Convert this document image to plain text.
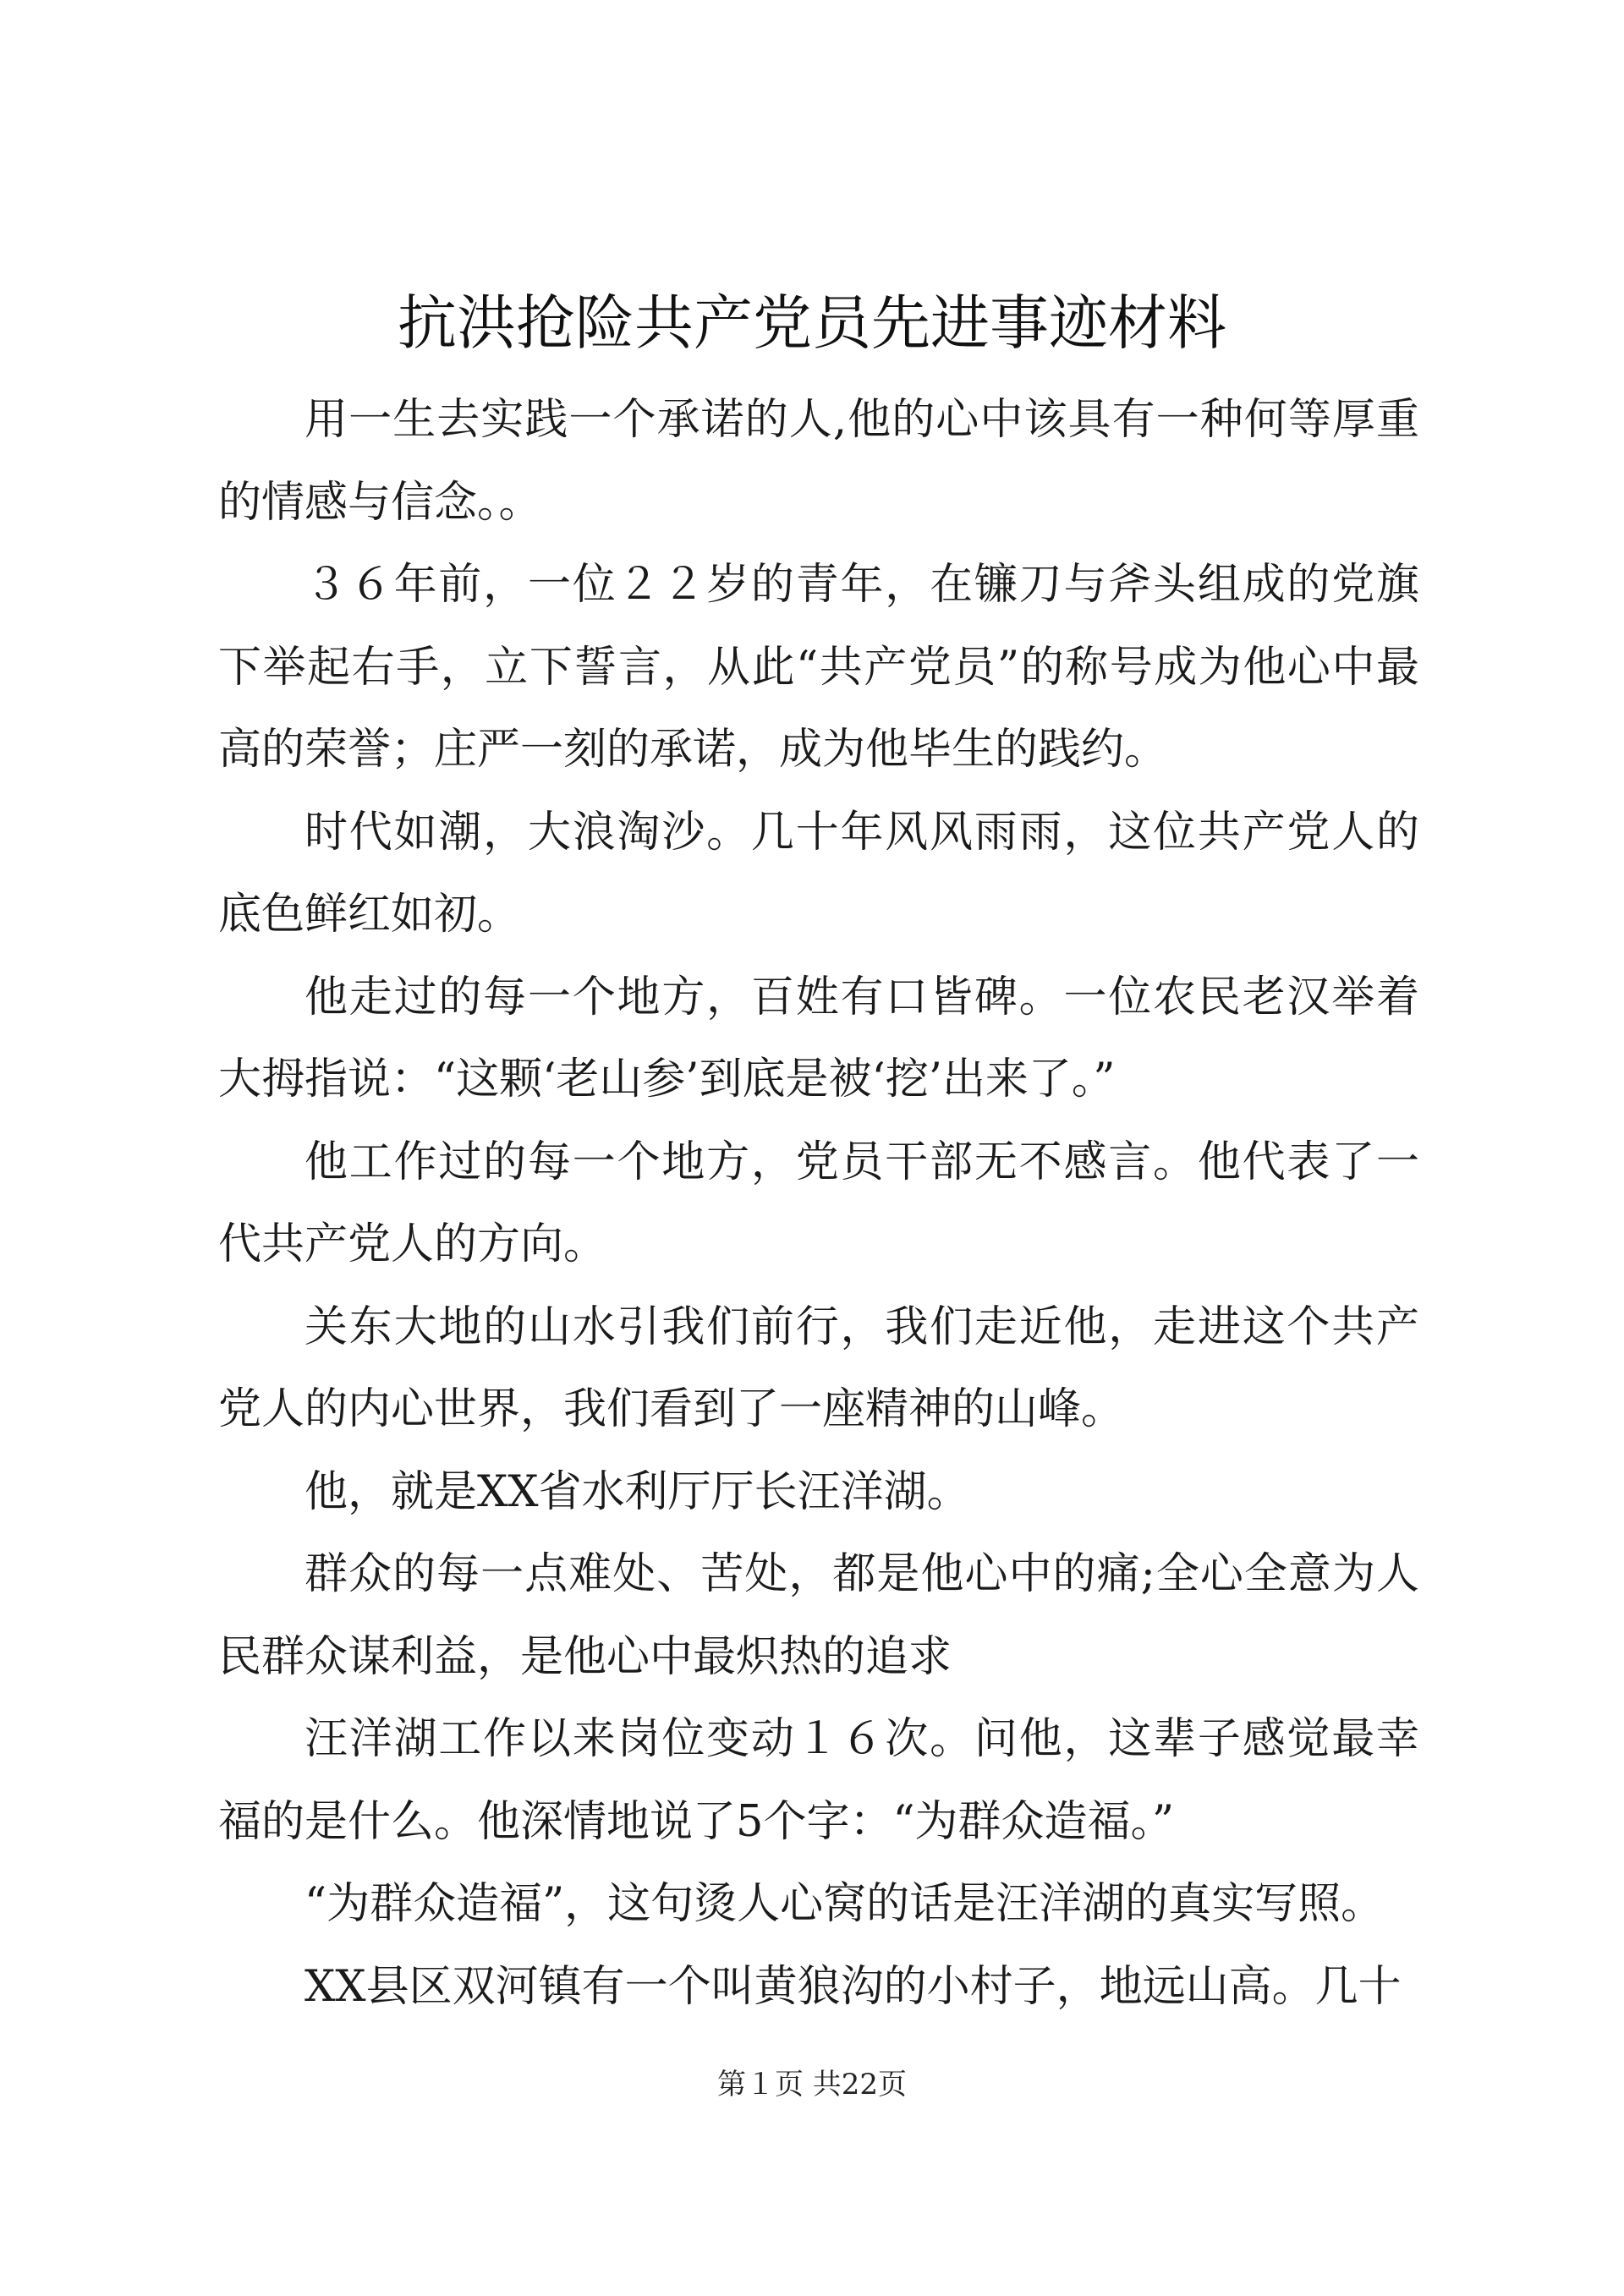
抗洪抢险共产党员先进事迹材料

用一生去实践一个承诺的人,他的心中该具有一种何等厚重的情感与信念。。

３６年前，一位２２岁的青年，在镰刀与斧头组成的党旗下举起右手，立下誓言，从此“共产党员”的称号成为他心中最高的荣誉；庄严一刻的承诺，成为他毕生的践约。

时代如潮，大浪淘沙。几十年风风雨雨，这位共产党人的底色鲜红如初。

他走过的每一个地方，百姓有口皆碑。一位农民老汉举着大拇指说：“这颗‘老山参’到底是被‘挖’出来了。”

他工作过的每一个地方，党员干部无不感言。他代表了一代共产党人的方向。

关东大地的山水引我们前行，我们走近他，走进这个共产党人的内心世界，我们看到了一座精神的山峰。

他，就是XX省水利厅厅长汪洋湖。

群众的每一点难处、苦处，都是他心中的痛;全心全意为人民群众谋利益，是他心中最炽热的追求

汪洋湖工作以来岗位变动１６次。问他，这辈子感觉最幸福的是什么。他深情地说了5个字：“为群众造福。”

“为群众造福”，这句烫人心窝的话是汪洋湖的真实写照。

XX县区双河镇有一个叫黄狼沟的小村子，地远山高。几十

第１页 共22页
